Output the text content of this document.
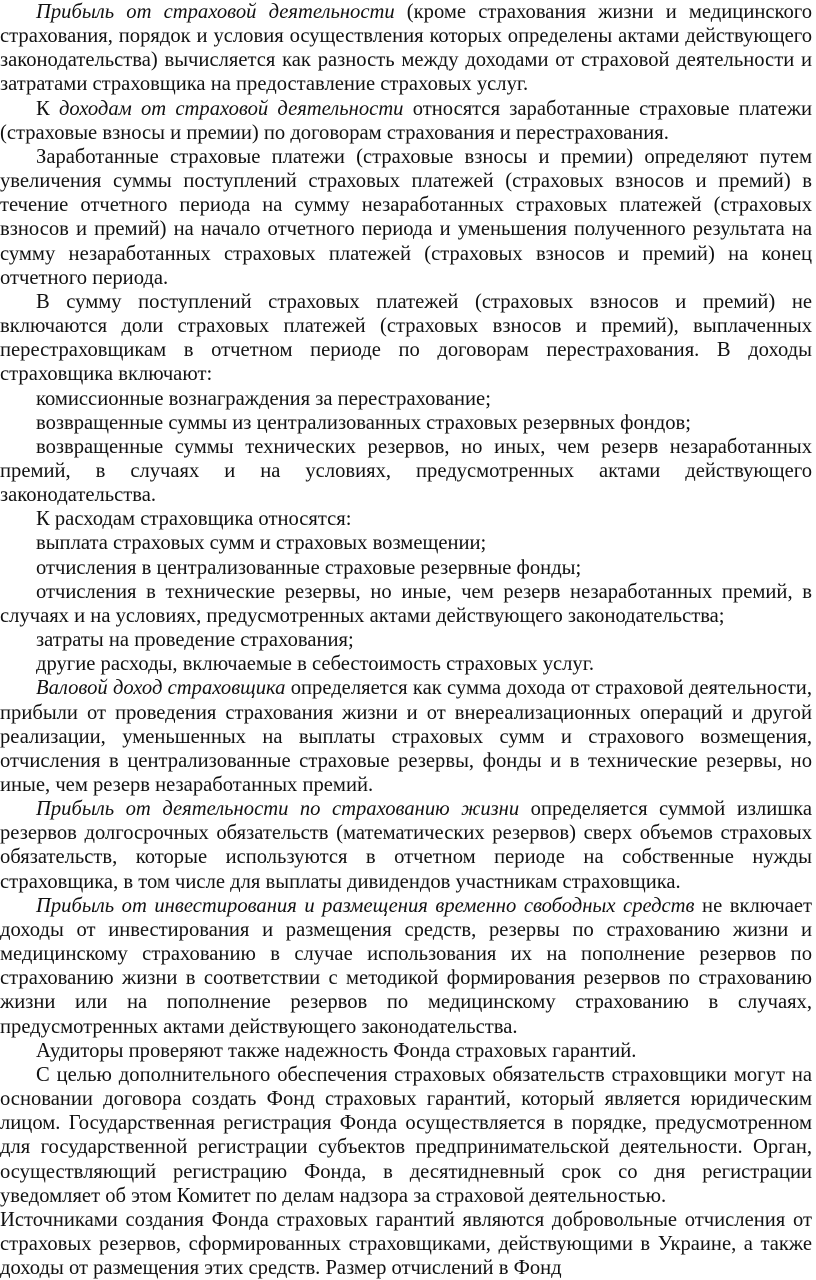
Прибыль от страховой деятельности (кроме страхования жизни и медицинского страхования, порядок и условия осуществления которых определены актами действующего законодательства) вычисляется как разность между доходами от страховой деятельности и затратами страховщика на предоставление страховых услуг.

К доходам от страховой деятельности относятся заработанные страховые платежи (страховые взносы и премии) по договорам страхования и перестрахования.

Заработанные страховые платежи (страховые взносы и премии) определяют путем увеличения суммы поступлений страховых платежей (страховых взносов и премий) в течение отчетного периода на сумму незаработанных страховых платежей (страховых взносов и премий) на начало отчетного периода и уменьшения полученного результата на сумму незаработанных страховых платежей (страховых взносов и премий) на конец отчетного периода.

В сумму поступлений страховых платежей (страховых взносов и премий) не включаются доли страховых платежей (страховых взносов и премий), выплаченных перестраховщикам в отчетном периоде по договорам перестрахования. В доходы страховщика включают:

комиссионные вознаграждения за перестрахование;

возвращенные суммы из централизованных страховых резервных фондов;

возвращенные суммы технических резервов, но иных, чем резерв незаработанных премий, в случаях и на условиях, предусмотренных актами действующего законодательства.

К расходам страховщика относятся:

выплата страховых сумм и страховых возмещении;

отчисления в централизованные страховые резервные фонды;

отчисления в технические резервы, но иные, чем резерв незаработанных премий, в случаях и на условиях, предусмотренных актами действующего законодательства;

затраты на проведение страхования;

другие расходы, включаемые в себестоимость страховых услуг.

Валовой доход страховщика определяется как сумма дохода от страховой деятельности, прибыли от проведения страхования жизни и от внереализационных операций и другой реализации, уменьшенных на выплаты страховых сумм и страхового возмещения, отчисления в централизованные страховые резервы, фонды и в технические резервы, но иные, чем резерв незаработанных премий.

Прибыль от деятельности по страхованию жизни определяется суммой излишка резервов долгосрочных обязательств (математических резервов) сверх объемов страховых обязательств, которые используются в отчетном периоде на собственные нужды страховщика, в том числе для выплаты дивидендов участникам страховщика.

Прибыль от инвестирования и размещения временно свободных средств не включает доходы от инвестирования и размещения средств, резервы по страхованию жизни и медицинскому страхованию в случае использования их на пополнение резервов по страхованию жизни в соответствии с методикой формирования резервов по страхованию жизни или на пополнение резервов по медицинскому страхованию в случаях, предусмотренных актами действующего законодательства.

Аудиторы проверяют также надежность Фонда страховых гарантий.

С целью дополнительного обеспечения страховых обязательств страховщики могут на основании договора создать Фонд страховых гарантий, который является юридическим лицом. Государственная регистрация Фонда осуществляется в порядке, предусмотренном для государственной регистрации субъектов предпринимательской деятельности. Орган, осуществляющий регистрацию Фонда, в десятидневный срок со дня регистрации уведомляет об этом Комитет по делам надзора за страховой деятельностью.

Источниками создания Фонда страховых гарантий являются добровольные отчисления от страховых резервов, сформированных страховщиками, действующими в Украине, а также доходы от размещения этих средств. Размер отчислений в Фонд
